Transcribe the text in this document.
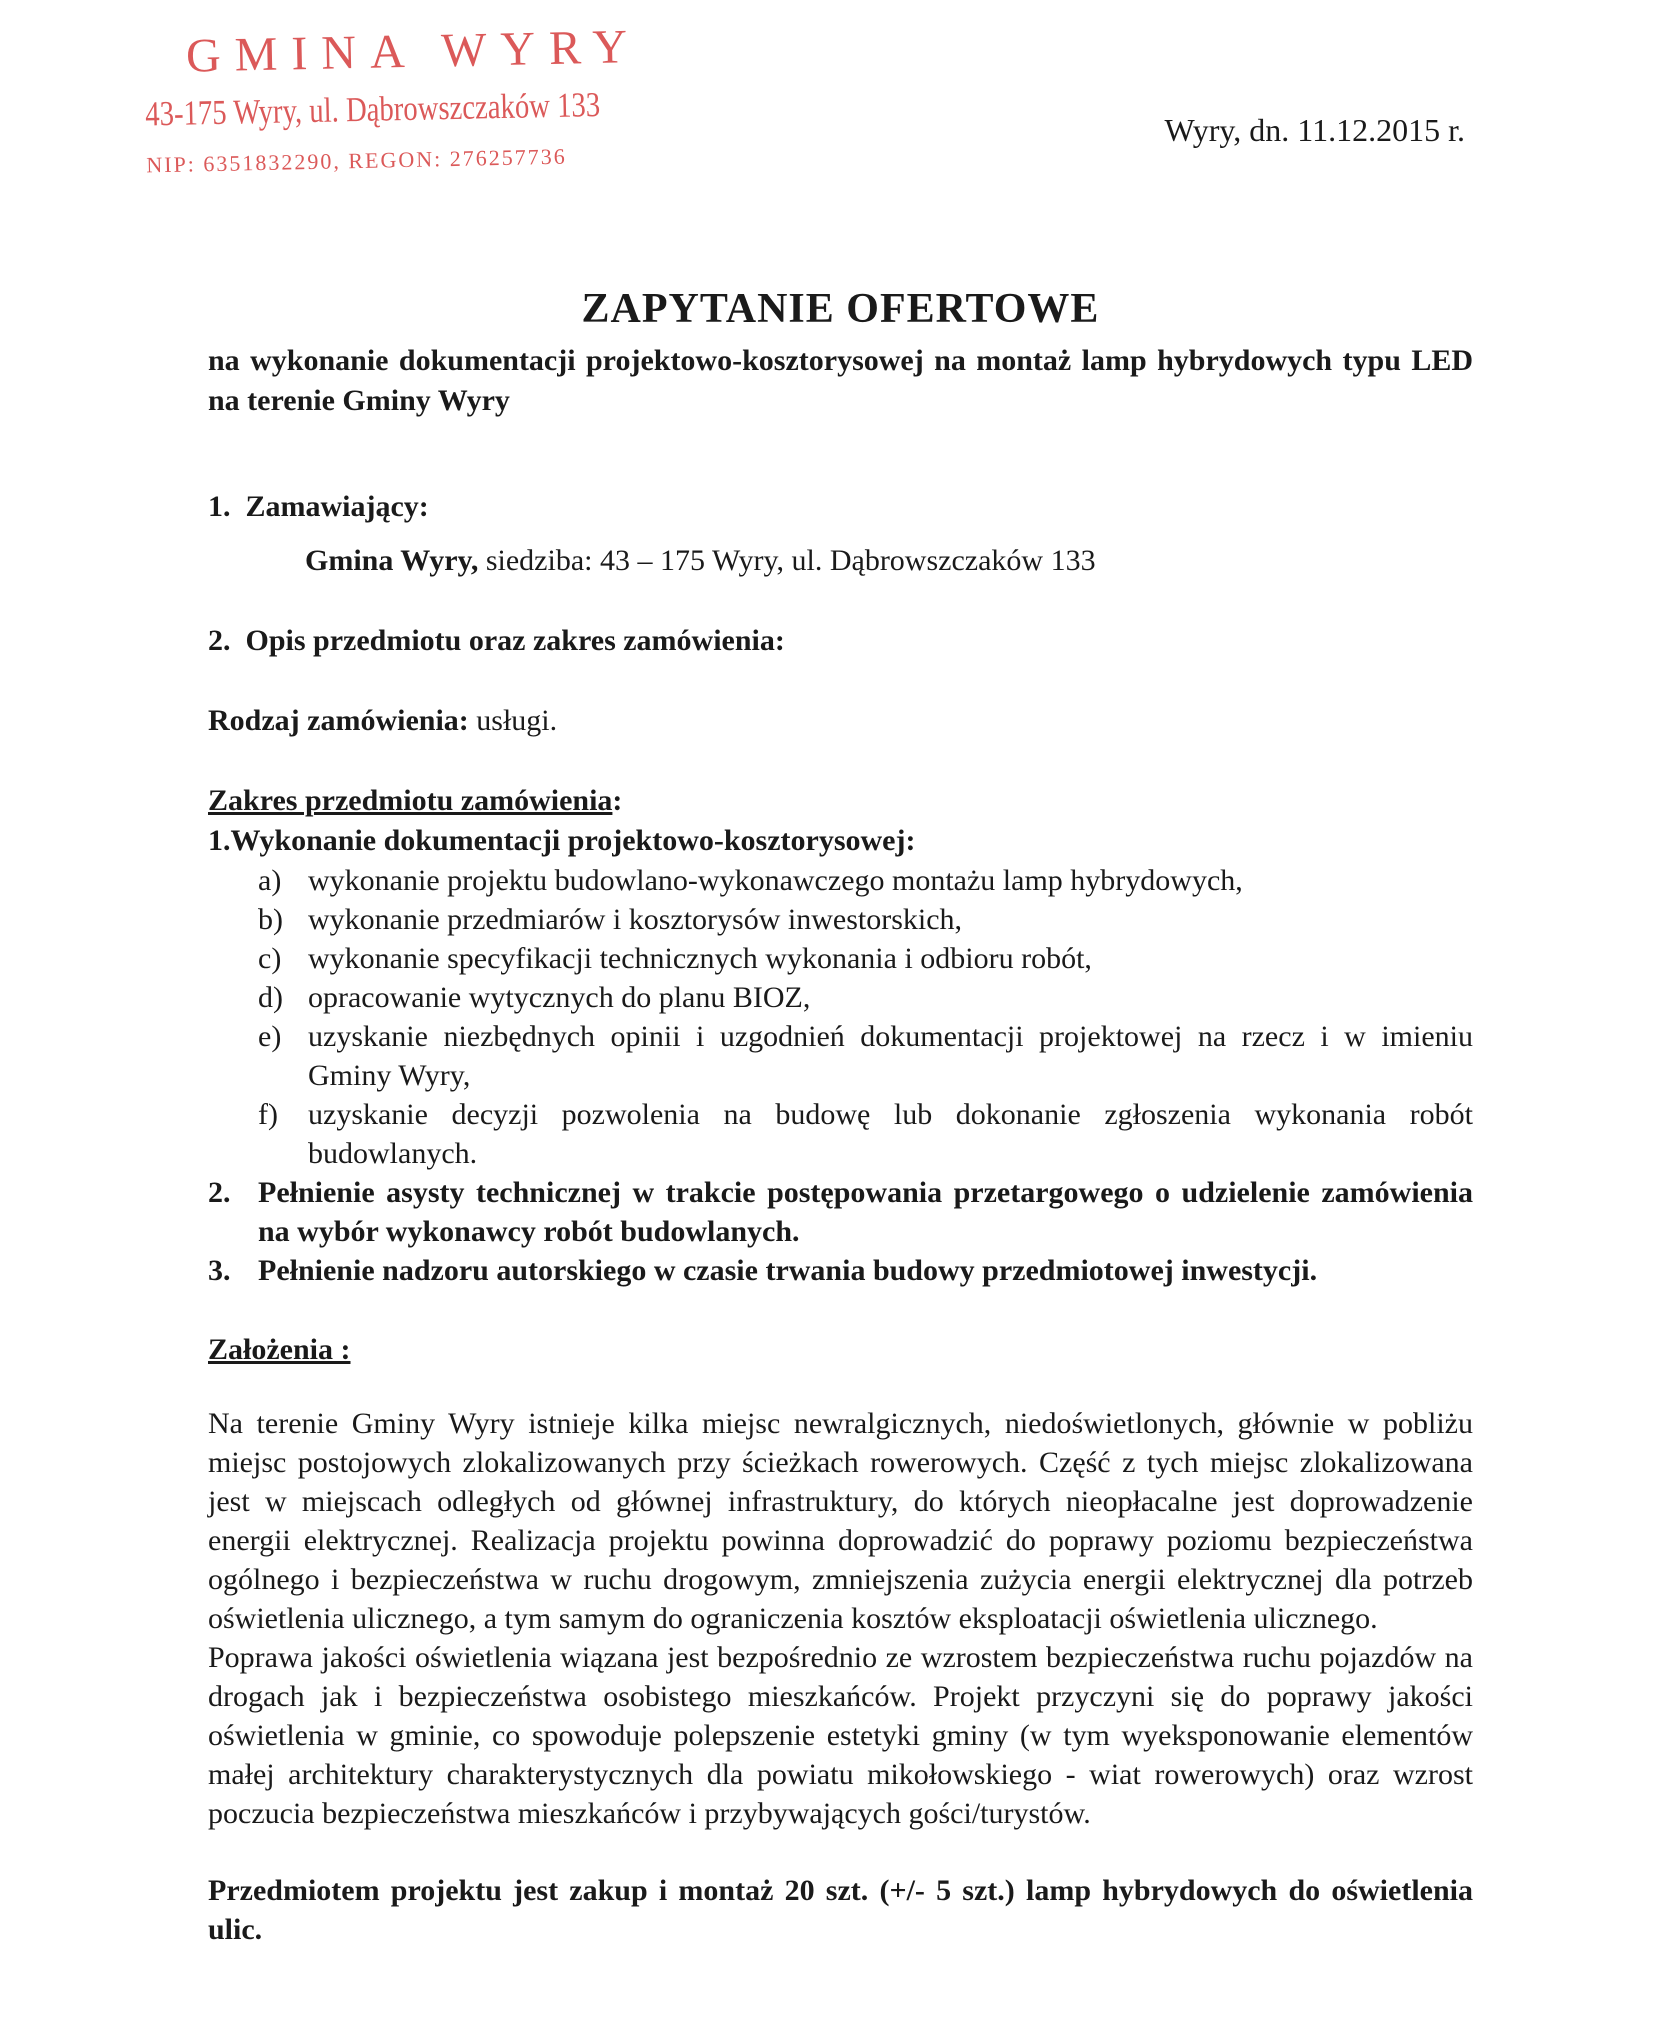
GMINA WYRY
43-175 Wyry, ul. Dąbrowszczaków 133
NIP: 6351832290, REGON: 276257736
Wyry, dn. 11.12.2015 r.
ZAPYTANIE OFERTOWE

na wykonanie dokumentacji projektowo-kosztorysowej na montaż lamp hybrydowych typu LED na terenie Gminy Wyry

1. Zamawiający:

Gmina Wyry, siedziba: 43 – 175 Wyry, ul. Dąbrowszczaków 133

2. Opis przedmiotu oraz zakres zamówienia:

Rodzaj zamówienia: usługi.

Zakres przedmiotu zamówienia:

1.Wykonanie dokumentacji projektowo-kosztorysowej:

a) wykonanie projektu budowlano-wykonawczego montażu lamp hybrydowych,
b) wykonanie przedmiarów i kosztorysów inwestorskich,
c) wykonanie specyfikacji technicznych wykonania i odbioru robót,
d) opracowanie wytycznych do planu BIOZ,
e) uzyskanie niezbędnych opinii i uzgodnień dokumentacji projektowej na rzecz i w imieniu Gminy Wyry,
f)	uzyskanie decyzji pozwolenia na budowę lub dokonanie zgłoszenia wykonania robót budowlanych.
2. Pełnienie asysty technicznej w trakcie postępowania przetargowego o udzielenie zamówienia na wybór wykonawcy robót budowlanych.
3. Pełnienie nadzoru autorskiego w czasie trwania budowy przedmiotowej inwestycji.

Założenia :

Na terenie Gminy Wyry istnieje kilka miejsc newralgicznych, niedoświetlonych, głównie w pobliżu miejsc postojowych zlokalizowanych przy ścieżkach rowerowych. Część z tych miejsc zlokalizowana jest w miejscach odległych od głównej infrastruktury, do których nieopłacalne jest doprowadzenie energii elektrycznej. Realizacja projektu powinna doprowadzić do poprawy poziomu bezpieczeństwa ogólnego i bezpieczeństwa w ruchu drogowym, zmniejszenia zużycia energii elektrycznej dla potrzeb oświetlenia ulicznego, a tym samym do ograniczenia kosztów eksploatacji oświetlenia ulicznego.

Poprawa jakości oświetlenia wiązana jest bezpośrednio ze wzrostem bezpieczeństwa ruchu pojazdów na drogach jak i bezpieczeństwa osobistego mieszkańców. Projekt przyczyni się do poprawy jakości oświetlenia w gminie, co spowoduje polepszenie estetyki gminy (w tym wyeksponowanie elementów małej architektury charakterystycznych dla powiatu mikołowskiego - wiat rowerowych) oraz wzrost poczucia bezpieczeństwa mieszkańców i przybywających gości/turystów.

Przedmiotem projektu jest zakup i montaż 20 szt. (+/- 5 szt.) lamp hybrydowych do oświetlenia ulic.
